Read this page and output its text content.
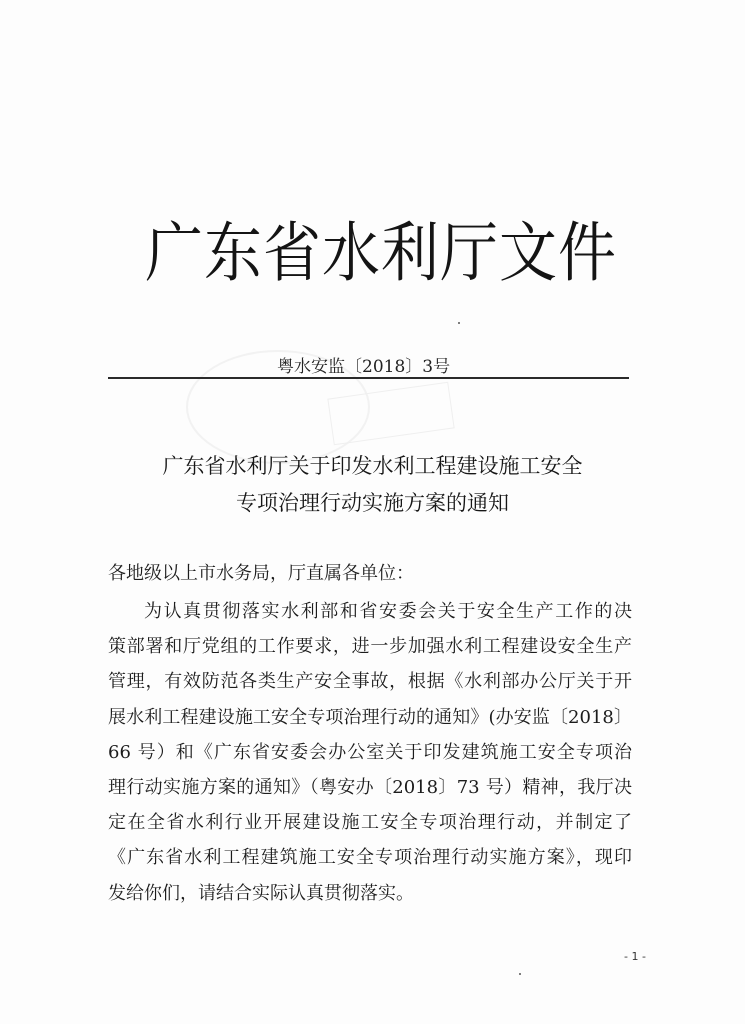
广东省水利厅文件
粤水安监〔2018〕3号
广东省水利厅关于印发水利工程建设施工安全
专项治理行动实施方案的通知
各地级以上市水务局，厅直属各单位：
为认真贯彻落实水利部和省安委会关于安全生产工作的决
策部署和厅党组的工作要求，进一步加强水利工程建设安全生产
管理，有效防范各类生产安全事故，根据《水利部办公厅关于开
展水利工程建设施工安全专项治理行动的通知》(办安监〔2018〕
66 号）和《广东省安委会办公室关于印发建筑施工安全专项治
理行动实施方案的通知》（粤安办〔2018〕73 号）精神，我厅决
定在全省水利行业开展建设施工安全专项治理行动，并制定了
《广东省水利工程建筑施工安全专项治理行动实施方案》，现印
发给你们，请结合实际认真贯彻落实。
- 1 -
